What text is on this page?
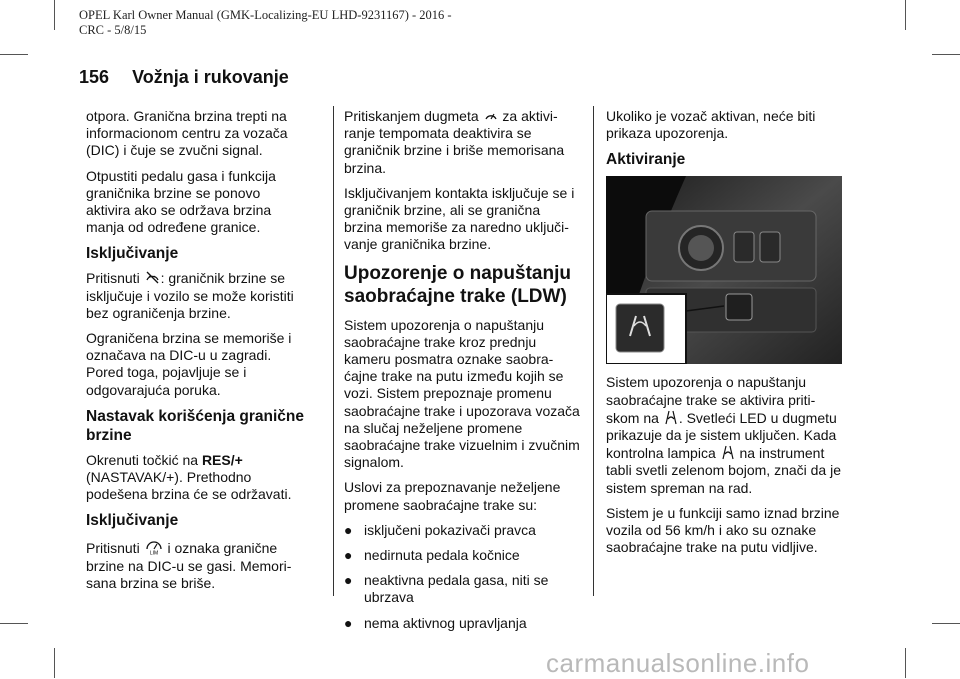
OPEL Karl Owner Manual (GMK-Localizing-EU LHD-9231167) - 2016 -
CRC - 5/8/15
156 Vožnja i rukovanje

otpora. Granična brzina trepti na informacionom centru za vozača (DIC) i čuje se zvučni signal.

Otpustiti pedalu gasa i funkcija graničnika brzine se ponovo aktivira ako se održava brzina manja od određene granice.

Isključivanje

Pritisnuti : graničnik brzine se isključuje i vozilo se može koristiti bez ograničenja brzine.

Ograničena brzina se memoriše i označava na DIC-u u zagradi. Pored toga, pojavljuje se i odgovarajuća poruka.

Nastavak korišćenja granične brzine

Okrenuti točkić na RES/+ (NASTAVAK/+). Prethodno podešena brzina će se održavati.

Isključivanje

Pritisnuti LIM i oznaka granične brzine na DIC-u se gasi. Memori-sana brzina se briše.

Pritiskanjem dugmeta  za aktivi-ranje tempomata deaktivira se graničnik brzine i briše memorisana brzina.

Isključivanjem kontakta isključuje se i graničnik brzine, ali se granična brzina memoriše za naredno uključi-vanje graničnika brzine.

Upozorenje o napuštanju saobraćajne trake (LDW)

Sistem upozorenja o napuštanju saobraćajne trake kroz prednju kameru posmatra oznake saobra-ćajne trake na putu između kojih se vozi. Sistem prepoznaje promenu saobraćajne trake i upozorava vozača na slučaj neželjene promene saobraćajne trake vizuelnim i zvučnim signalom.

Uslovi za prepoznavanje neželjene promene saobraćajne trake su:

● isključeni pokazivači pravca
● nedirnuta pedala kočnice
● neaktivna pedala gasa, niti se ubrzava
● nema aktivnog upravljanja

Ukoliko je vozač aktivan, neće biti prikaza upozorenja.

Aktiviranje

Sistem upozorenja o napuštanju saobraćajne trake se aktivira priti-skom na . Svetleći LED u dugmetu prikazuje da je sistem uključen. Kada kontrolna lampica  na instrument tabli svetli zelenom bojom, znači da je sistem spreman na rad.

Sistem je u funkciji samo iznad brzine vozila od 56 km/h i ako su oznake saobraćajne trake na putu vidljive.

carmanualsonline.info
